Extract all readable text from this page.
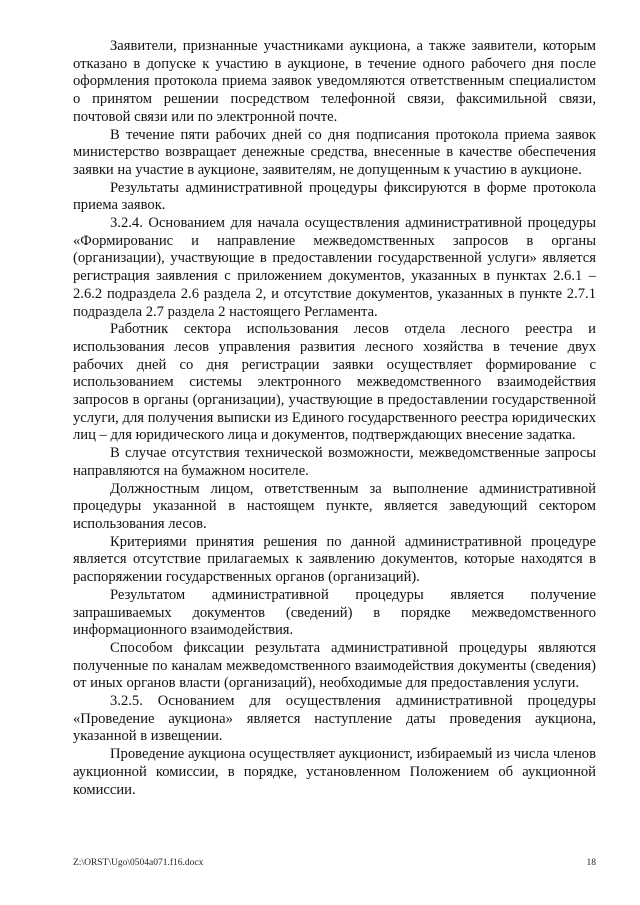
Заявители, признанные участниками аукциона, а также заявители, которым отказано в допуске к участию в аукционе, в течение одного рабочего дня после оформления протокола приема заявок уведомляются ответственным специалистом о принятом решении посредством телефонной связи, факсимильной связи, почтовой связи или по электронной почте.

В течение пяти рабочих дней со дня подписания протокола приема заявок министерство возвращает денежные средства, внесенные в качестве обеспечения заявки на участие в аукционе, заявителям, не допущенным к участию в аукционе.

Результаты административной процедуры фиксируются в форме протокола приема заявок.

3.2.4. Основанием для начала осуществления административной процедуры «Формированис и направление межведомственных запросов в органы (организации), участвующие в предоставлении государственной услуги» является регистрация заявления с приложением документов, указанных в пунктах 2.6.1 – 2.6.2 подраздела 2.6 раздела 2, и отсутствие документов, указанных в пункте 2.7.1 подраздела 2.7 раздела 2 настоящего Регламента.

Работник сектора использования лесов отдела лесного реестра и использования лесов управления развития лесного хозяйства в течение двух рабочих дней со дня регистрации заявки осуществляет формирование с использованием системы электронного межведомственного взаимодействия запросов в органы (организации), участвующие в предоставлении государственной услуги, для получения выписки из Единого государственного реестра юридических лиц – для юридического лица и документов, подтверждающих внесение задатка.

В случае отсутствия технической возможности, межведомственные запросы направляются на бумажном носителе.

Должностным лицом, ответственным за выполнение административной процедуры указанной в настоящем пункте, является заведующий сектором использования лесов.

Критериями принятия решения по данной административной процедуре является отсутствие прилагаемых к заявлению документов, которые находятся в распоряжении государственных органов (организаций).

Результатом административной процедуры является получение запрашиваемых документов (сведений) в порядке межведомственного информационного взаимодействия.

Способом фиксации результата административной процедуры являются полученные по каналам межведомственного взаимодействия документы (сведения) от иных органов власти (организаций), необходимые для предоставления услуги.

3.2.5. Основанием для осуществления административной процедуры «Проведение аукциона» является наступление даты проведения аукциона, указанной в извещении.

Проведение аукциона осуществляет аукционист, избираемый из числа членов аукционной комиссии, в порядке, установленном Положением об аукционной комиссии.

Z:\ORST\Ugo\0504a071.f16.docx	18
